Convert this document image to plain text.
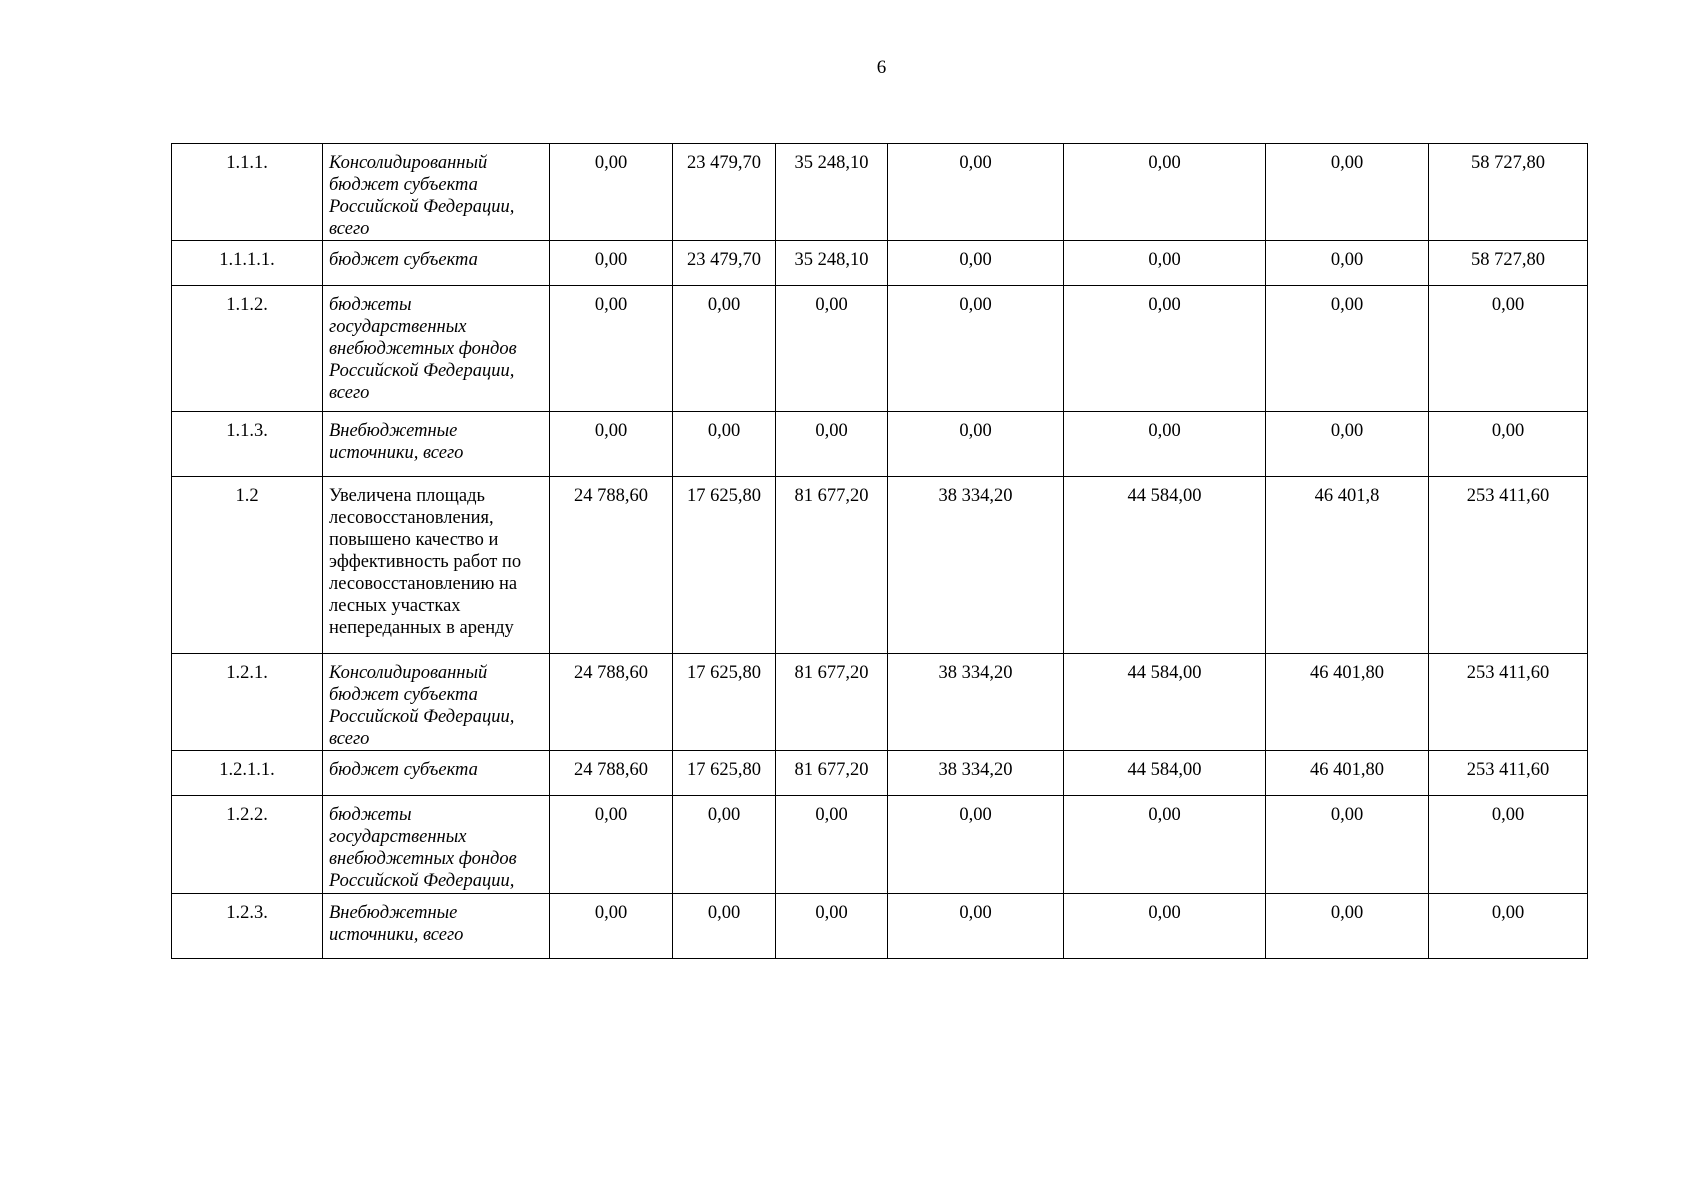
6
1.1.1.	Консолидированный бюджет субъекта Российской Федерации, всего	0,00	23 479,70	35 248,10	0,00	0,00	0,00	58 727,80
1.1.1.1.	бюджет субъекта	0,00	23 479,70	35 248,10	0,00	0,00	0,00	58 727,80
1.1.2.	бюджеты государственных внебюджетных фондов Российской Федерации, всего	0,00	0,00	0,00	0,00	0,00	0,00	0,00
1.1.3.	Внебюджетные источники, всего	0,00	0,00	0,00	0,00	0,00	0,00	0,00
1.2	Увеличена площадь лесовосстановления, повышено качество и эффективность работ по лесовосстановлению на лесных участках непереданных в аренду	24 788,60	17 625,80	81 677,20	38 334,20	44 584,00	46 401,8	253 411,60
1.2.1.	Консолидированный бюджет субъекта Российской Федерации, всего	24 788,60	17 625,80	81 677,20	38 334,20	44 584,00	46 401,80	253 411,60
1.2.1.1.	бюджет субъекта	24 788,60	17 625,80	81 677,20	38 334,20	44 584,00	46 401,80	253 411,60
1.2.2.	бюджеты государственных внебюджетных фондов Российской Федерации,	0,00	0,00	0,00	0,00	0,00	0,00	0,00
1.2.3.	Внебюджетные источники, всего	0,00	0,00	0,00	0,00	0,00	0,00	0,00
